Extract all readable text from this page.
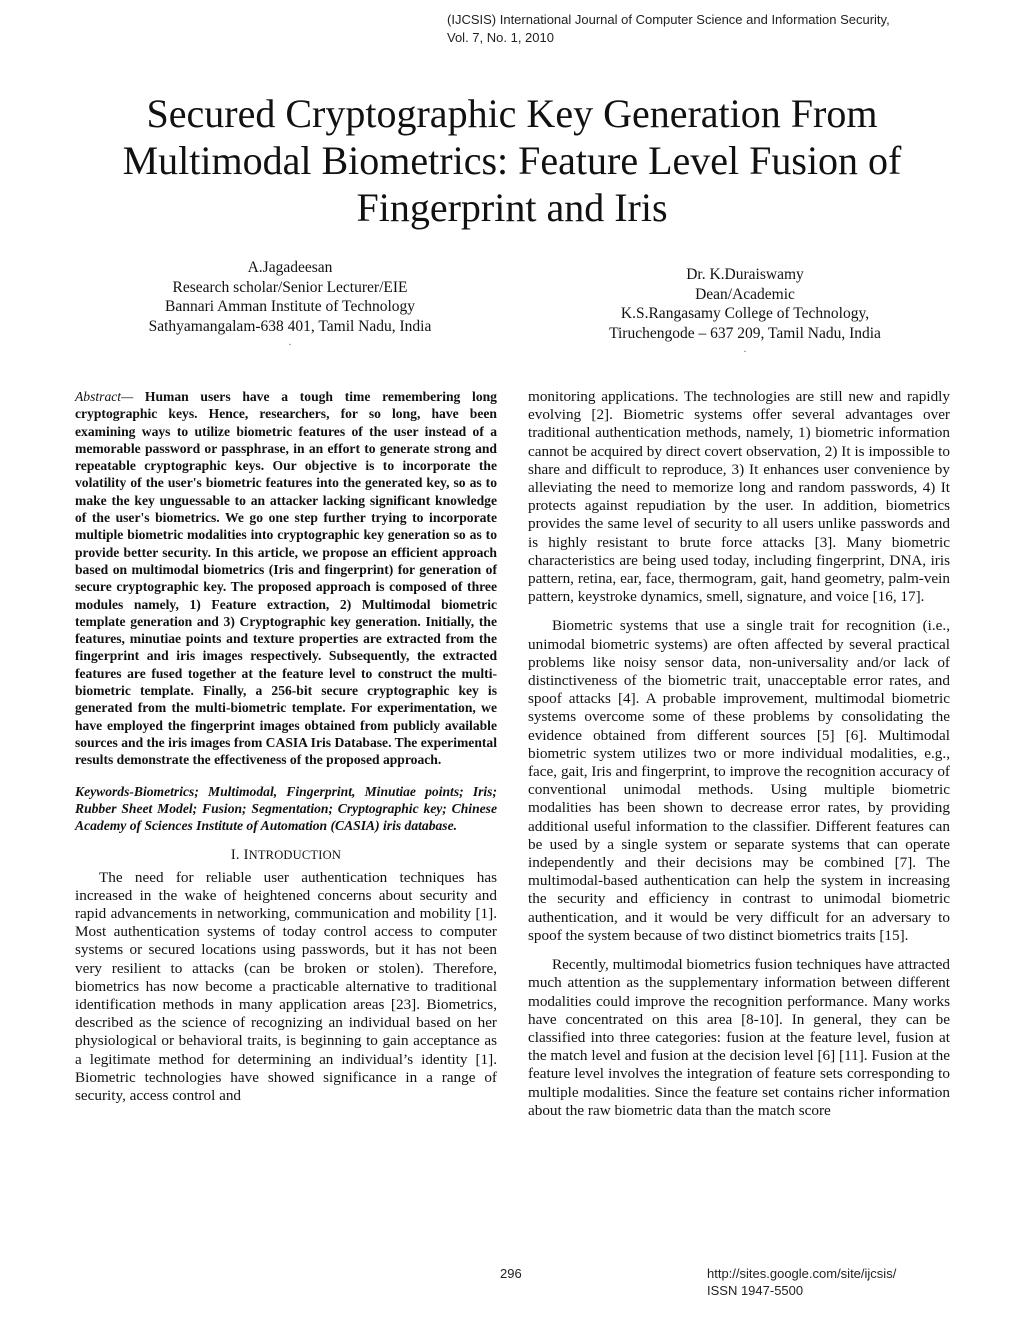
(IJCSIS) International Journal of Computer Science and Information Security,
Vol. 7, No. 1, 2010
Secured Cryptographic Key Generation From
Multimodal Biometrics: Feature Level Fusion of
Fingerprint and Iris
A.Jagadeesan
Research scholar/Senior Lecturer/EIE
Bannari Amman Institute of Technology
Sathyamangalam-638 401, Tamil Nadu, India
.
Dr. K.Duraiswamy
Dean/Academic
K.S.Rangasamy College of Technology,
Tiruchengode – 637 209, Tamil Nadu, India
.

Abstract— Human users have a tough time remembering long cryptographic keys. Hence, researchers, for so long, have been examining ways to utilize biometric features of the user instead of a memorable password or passphrase, in an effort to generate strong and repeatable cryptographic keys. Our objective is to incorporate the volatility of the user's biometric features into the generated key, so as to make the key unguessable to an attacker lacking significant knowledge of the user's biometrics. We go one step further trying to incorporate multiple biometric modalities into cryptographic key generation so as to provide better security. In this article, we propose an efficient approach based on multimodal biometrics (Iris and fingerprint) for generation of secure cryptographic key. The proposed approach is composed of three modules namely, 1) Feature extraction, 2) Multimodal biometric template generation and 3) Cryptographic key generation. Initially, the features, minutiae points and texture properties are extracted from the fingerprint and iris images respectively. Subsequently, the extracted features are fused together at the feature level to construct the multi-biometric template. Finally, a 256-bit secure cryptographic key is generated from the multi-biometric template. For experimentation, we have employed the fingerprint images obtained from publicly available sources and the iris images from CASIA Iris Database. The experimental results demonstrate the effectiveness of the proposed approach.

Keywords-Biometrics; Multimodal, Fingerprint, Minutiae points; Iris; Rubber Sheet Model; Fusion; Segmentation; Cryptographic key; Chinese Academy of Sciences Institute of Automation (CASIA) iris database.

I. INTRODUCTION

The need for reliable user authentication techniques has increased in the wake of heightened concerns about security and rapid advancements in networking, communication and mobility [1]. Most authentication systems of today control access to computer systems or secured locations using passwords, but it has not been very resilient to attacks (can be broken or stolen). Therefore, biometrics has now become a practicable alternative to traditional identification methods in many application areas [23]. Biometrics, described as the science of recognizing an individual based on her physiological or behavioral traits, is beginning to gain acceptance as a legitimate method for determining an individual’s identity [1]. Biometric technologies have showed significance in a range of security, access control and

monitoring applications. The technologies are still new and rapidly evolving [2]. Biometric systems offer several advantages over traditional authentication methods, namely, 1) biometric information cannot be acquired by direct covert observation, 2) It is impossible to share and difficult to reproduce, 3) It enhances user convenience by alleviating the need to memorize long and random passwords, 4) It protects against repudiation by the user. In addition, biometrics provides the same level of security to all users unlike passwords and is highly resistant to brute force attacks [3]. Many biometric characteristics are being used today, including fingerprint, DNA, iris pattern, retina, ear, face, thermogram, gait, hand geometry, palm-vein pattern, keystroke dynamics, smell, signature, and voice [16, 17].

Biometric systems that use a single trait for recognition (i.e., unimodal biometric systems) are often affected by several practical problems like noisy sensor data, non-universality and/or lack of distinctiveness of the biometric trait, unacceptable error rates, and spoof attacks [4]. A probable improvement, multimodal biometric systems overcome some of these problems by consolidating the evidence obtained from different sources [5] [6]. Multimodal biometric system utilizes two or more individual modalities, e.g., face, gait, Iris and fingerprint, to improve the recognition accuracy of conventional unimodal methods. Using multiple biometric modalities has been shown to decrease error rates, by providing additional useful information to the classifier. Different features can be used by a single system or separate systems that can operate independently and their decisions may be combined [7]. The multimodal-based authentication can help the system in increasing the security and efficiency in contrast to unimodal biometric authentication, and it would be very difficult for an adversary to spoof the system because of two distinct biometrics traits [15].

Recently, multimodal biometrics fusion techniques have attracted much attention as the supplementary information between different modalities could improve the recognition performance. Many works have concentrated on this area [8-10]. In general, they can be classified into three categories: fusion at the feature level, fusion at the match level and fusion at the decision level [6] [11]. Fusion at the feature level involves the integration of feature sets corresponding to multiple modalities. Since the feature set contains richer information about the raw biometric data than the match score

296	http://sites.google.com/site/ijcsis/
ISSN 1947-5500
